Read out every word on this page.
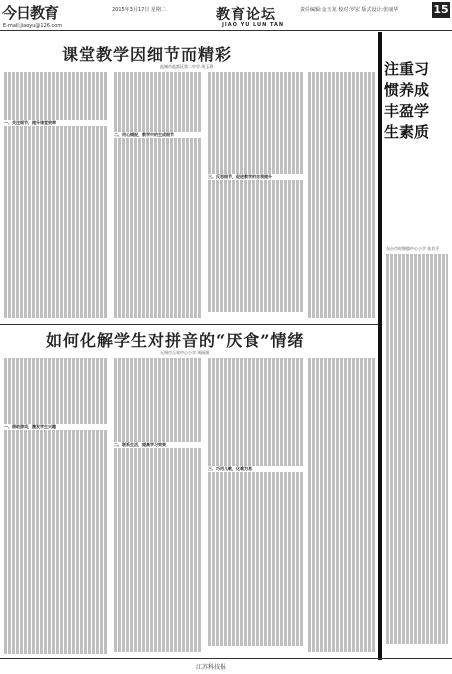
今日教育	2015年3月17日 星期二
E-mail:jiaoyu@126.com
教育论坛
JIAO YU LUN TAN
责任编辑:金玉龙 校对:罗宏 版式设计:张丽华	15
课堂教学因细节而精彩
盐城市盐都区第二中学 周玉珍
一、关注细节，提升课堂效率
二、用心捕捉，教学中的生成细节
三、反思细节，促进教学的自我提升
如何化解学生对拼音的“厌食”情绪
无锡市玉祁中心小学 周丽娟
一、借助游戏，激发学生兴趣
二、联系生活，提高学习效果
三、巧用儿歌，化难为易
注重习惯养成 丰盈学生素质
东台市时堰镇中心小学 张其平
江苏科技报
